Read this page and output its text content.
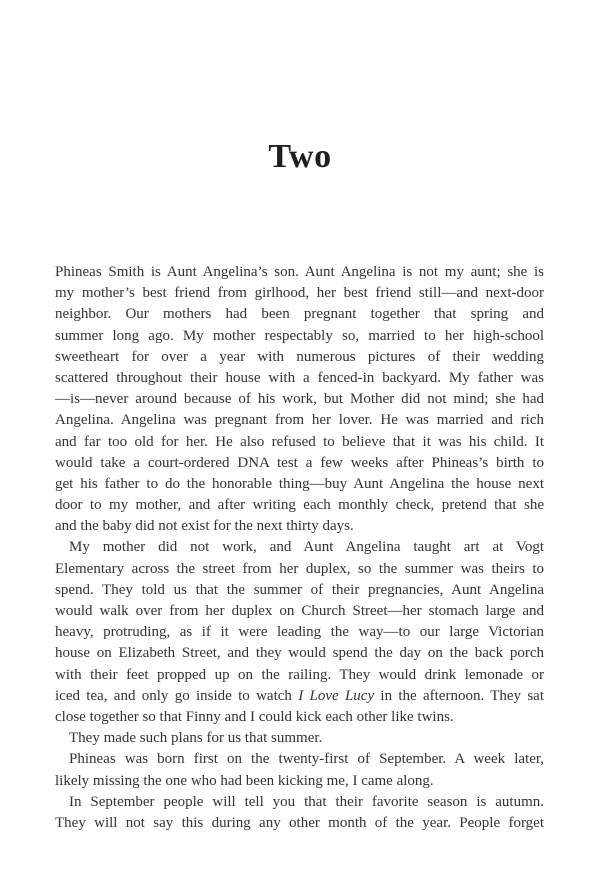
Two
Phineas Smith is Aunt Angelina’s son. Aunt Angelina is not my aunt; she is
my mother’s best friend from girlhood, her best friend still—and next-door
neighbor. Our mothers had been pregnant together that spring and
summer long ago. My mother respectably so, married to her high-school
sweetheart for over a year with numerous pictures of their wedding
scattered throughout their house with a fenced-in backyard. My father was
—is—never around because of his work, but Mother did not mind; she had
Angelina. Angelina was pregnant from her lover. He was married and rich
and far too old for her. He also refused to believe that it was his child. It
would take a court-ordered DNA test a few weeks after Phineas’s birth to
get his father to do the honorable thing—buy Aunt Angelina the house next
door to my mother, and after writing each monthly check, pretend that she
and the baby did not exist for the next thirty days.
My mother did not work, and Aunt Angelina taught art at Vogt
Elementary across the street from her duplex, so the summer was theirs to
spend. They told us that the summer of their pregnancies, Aunt Angelina
would walk over from her duplex on Church Street—her stomach large and
heavy, protruding, as if it were leading the way—to our large Victorian
house on Elizabeth Street, and they would spend the day on the back porch
with their feet propped up on the railing. They would drink lemonade or
iced tea, and only go inside to watch I Love Lucy in the afternoon. They sat
close together so that Finny and I could kick each other like twins.
They made such plans for us that summer.
Phineas was born first on the twenty-first of September. A week later,
likely missing the one who had been kicking me, I came along.
In September people will tell you that their favorite season is autumn.
They will not say this during any other month of the year. People forget
